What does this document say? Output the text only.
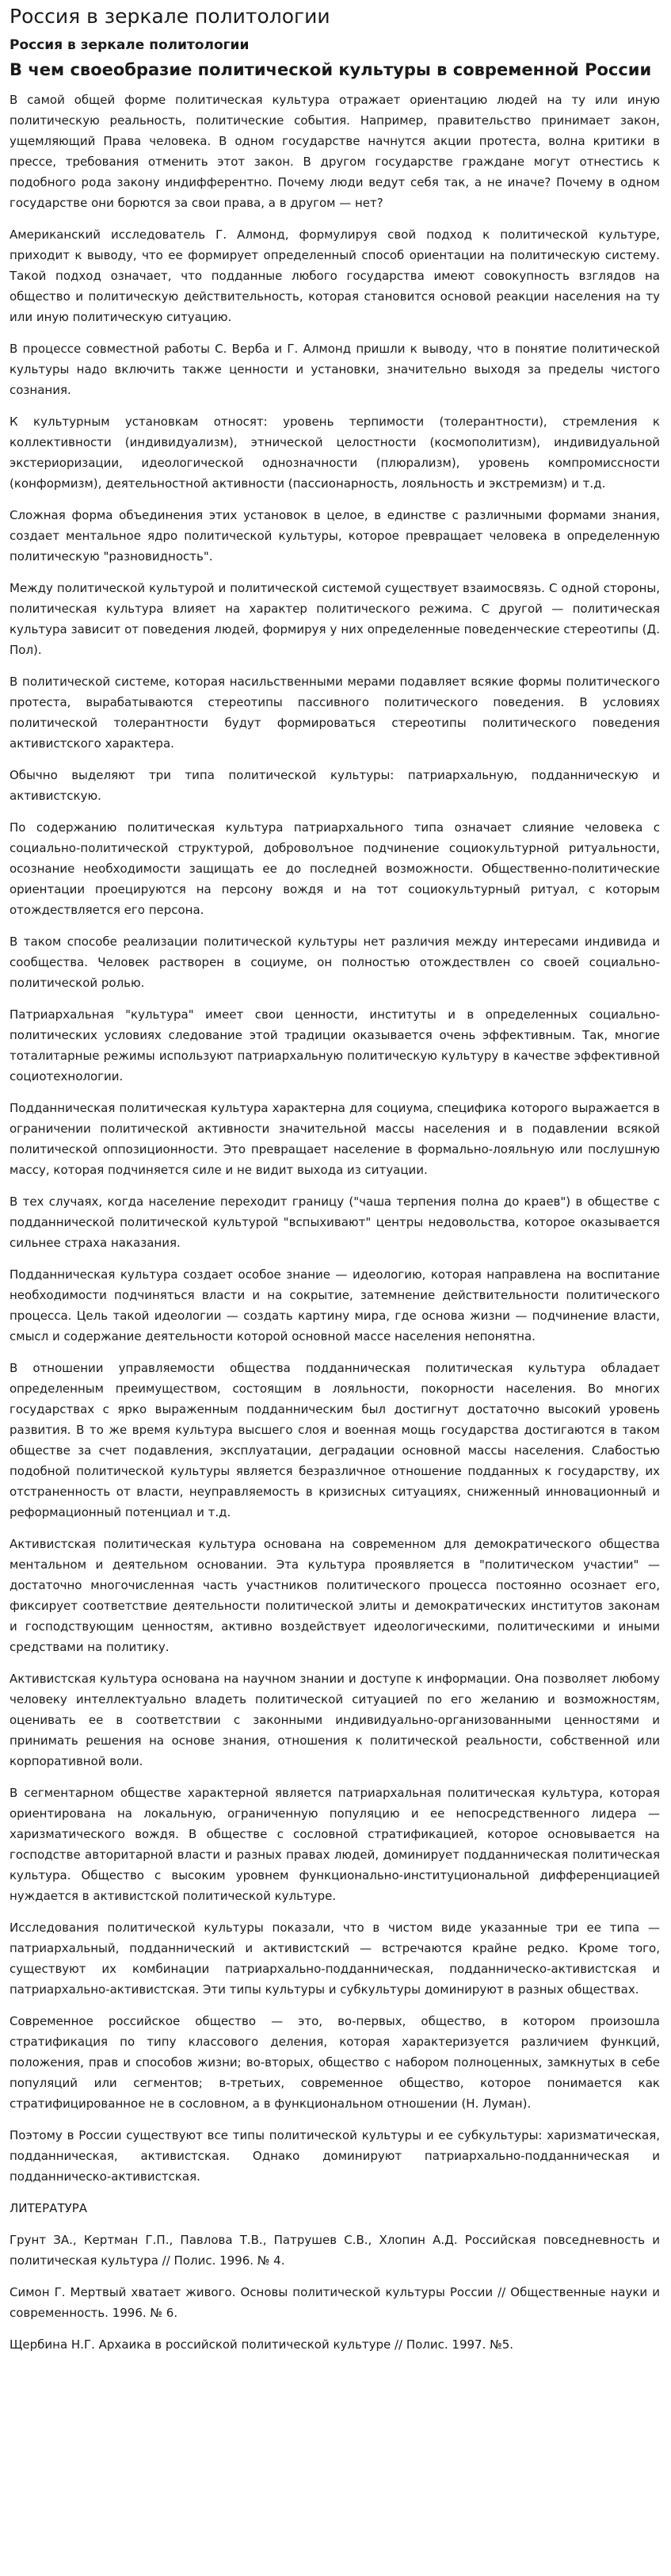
Россия в зеркале политологии
Россия в зеркале политологии
В чем своеобразие политической культуры в современной России

В самой общей форме политическая культура отражает ориентацию людей на ту или иную политическую реальность, политические события. Например, правительство принимает закон, ущемляющий Права человека. В одном государстве начнутся акции протеста, волна критики в прессе, требования отменить этот закон. В другом государстве граждане могут отнестись к подобного рода закону индифферентно. Почему люди ведут себя так, а не иначе? Почему в одном государстве они борются за свои права, а в другом — нет?

Американский исследователь Г. Алмонд, формулируя свой подход к политической культуре, приходит к выводу, что ее формирует определенный способ ориентации на политическую систему. Такой подход означает, что подданные любого государства имеют совокупность взглядов на общество и политическую действительность, которая становится основой реакции населения на ту или иную политическую ситуацию.

В процессе совместной работы С. Верба и Г. Алмонд пришли к выводу, что в понятие политической культуры надо включить также ценности и установки, значительно выходя за пределы чистого сознания.

К культурным установкам относят: уровень терпимости (толерантности), стремления к коллективности (индивидуализм), этнической целостности (космополитизм), индивидуальной экстериоризации, идеологической однозначности (плюрализм), уровень компромиссности (конформизм), деятельностной активности (пассионарность, лояльность и экстремизм) и т.д.

Сложная форма объединения этих установок в целое, в единстве с различными формами знания, создает ментальное ядро политической культуры, которое превращает человека в определенную политическую "разновидность".

Между политической культурой и политической системой существует взаимосвязь. С одной стороны, политическая культура влияет на характер политического режима. С другой — политическая культура зависит от поведения людей, формируя у них определенные поведенческие стереотипы (Д. Пол).

В политической системе, которая насильственными мерами подавляет всякие формы политического протеста, вырабатываются стереотипы пассивного политического поведения. В условиях политической толерантности будут формироваться стереотипы политического поведения активистского характера.

Обычно выделяют три типа политической культуры: патриархальную, подданническую и активистскую.

По содержанию политическая культура патриархального типа означает слияние человека с социально-политической структурой, доброволъное подчинение социокультурной ритуальности, осознание необходимости защищать ее до последней возможности. Общественно-политические ориентации проецируются на персону вождя и на тот социокультурный ритуал, с которым отождествляется его персона.

В таком способе реализации политической культуры нет различия между интересами индивида и сообщества. Человек растворен в социуме, он полностью отождествлен со своей социально-политической ролью.

Патриархальная "культура" имеет свои ценности, институты и в определенных социально-политических условиях следование этой традиции оказывается очень эффективным. Так, многие тоталитарные режимы используют патриархальную политическую культуру в качестве эффективной социотехнологии.

Подданническая политическая культура характерна для социума, специфика которого выражается в ограничении политической активности значительной массы населения и в подавлении всякой политической оппозиционности. Это превращает население в формально-лояльную или послушную массу, которая подчиняется силе и не видит выхода из ситуации.

В тех случаях, когда население переходит границу ("чаша терпения полна до краев") в обществе с подданнической политической культурой "вспыхивают" центры недовольства, которое оказывается сильнее страха наказания.

Подданническая культура создает особое знание — идеологию, которая направлена на воспитание необходимости подчиняться власти и на сокрытие, затемнение действительности политического процесса. Цель такой идеологии — создать картину мира, где основа жизни — подчинение власти, смысл и содержание деятельности которой основной массе населения непонятна.

В отношении управляемости общества подданническая политическая культура обладает определенным преимуществом, состоящим в лояльности, покорности населения. Во многих государствах с ярко выраженным подданническим был достигнут достаточно высокий уровень развития. В то же время культура высшего слоя и военная мощь государства достигаются в таком обществе за счет подавления, эксплуатации, деградации основной массы населения. Слабостью подобной политической культуры является безразличное отношение подданных к государству, их отстраненность от власти, неуправляемость в кризисных ситуациях, сниженный инновационный и реформационный потенциал и т.д.

Активистская политическая культура основана на современном для демократического общества ментальном и деятельном основании. Эта культура проявляется в "политическом участии" — достаточно многочисленная часть участников политического процесса постоянно осознает его, фиксирует соответствие деятельности политической элиты и демократических институтов законам и господствующим ценностям, активно воздействует идеологическими, политическими и иными средствами на политику.

Активистская культура основана на научном знании и доступе к информации. Она позволяет любому человеку интеллектуально владеть политической ситуацией по его желанию и возможностям, оценивать ее в соответствии с законными индивидуально-организованными ценностями и принимать решения на основе знания, отношения к политической реальности, собственной или корпоративной воли.

В сегментарном обществе характерной является патриархальная политическая культура, которая ориентирована на локальную, ограниченную популяцию и ее непосредственного лидера — харизматического вождя. В обществе с сословной стратификацией, которое основывается на господстве авторитарной власти и разных правах людей, доминирует подданническая политическая культура. Общество с высоким уровнем функционально-институциональной дифференциацией нуждается в активистской политической культуре.

Исследования политической культуры показали, что в чистом виде указанные три ее типа — патриархальный, подданнический и активистский — встречаются крайне редко. Кроме того, существуют их комбинации патриархально-подданническая, подданническо-активистская и патриархально-активистская. Эти типы культуры и субкультуры доминируют в разных обществах.

Современное российское общество — это, во-первых, общество, в котором произошла стратификация по типу классового деления, которая характеризуется различием функций, положения, прав и способов жизни; во-вторых, общество с набором полноценных, замкнутых в себе популяций или сегментов; в-третьих, современное общество, которое понимается как стратифицированное не в сословном, а в функциональном отношении (Н. Луман).

Поэтому в России существуют все типы политической культуры и ее субкультуры: харизматическая, подданническая, активистская. Однако доминируют патриархально-подданническая и подданническо-активистская.

ЛИТЕРАТУРА

Грунт ЗА., Кертман Г.П., Павлова Т.В., Патрушев С.В., Хлопин А.Д. Российская повседневность и политическая культура // Полис. 1996. № 4.

Симон Г. Мертвый хватает живого. Основы политической культуры России // Общественные науки и современность. 1996. № 6.

Щербина Н.Г. Архаика в российской политической культуре // Полис. 1997. №5.
